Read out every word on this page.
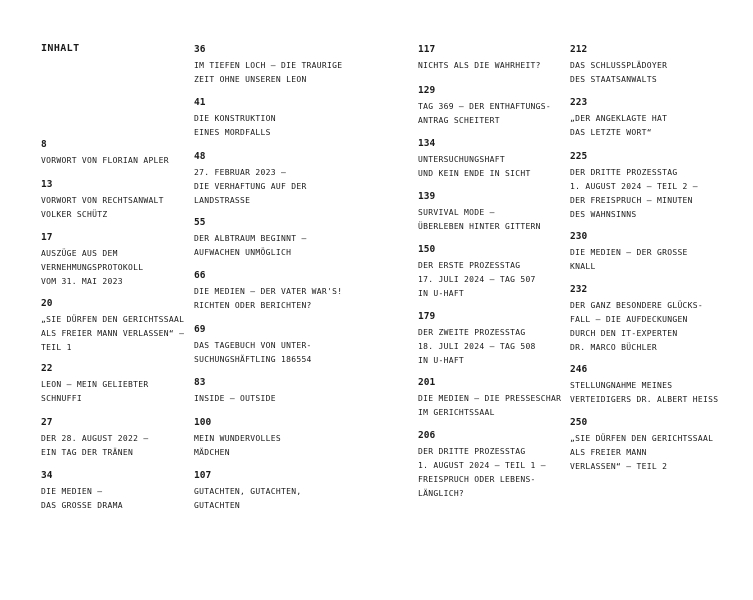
INHALT
8
VORWORT VON FLORIAN APLER
13
VORWORT VON RECHTSANWALT
VOLKER SCHÜTZ
17
AUSZÜGE AUS DEM
VERNEHMUNGSPROTOKOLL
VOM 31. MAI 2023
20
„SIE DÜRFEN DEN GERICHTSSAAL
ALS FREIER MANN VERLASSEN“ –
TEIL 1
22
LEON – MEIN GELIEBTER
SCHNUFFI
27
DER 28. AUGUST 2022 –
EIN TAG DER TRÄNEN
34
DIE MEDIEN –
DAS GROSSE DRAMA
36
IM TIEFEN LOCH – DIE TRAURIGE
ZEIT OHNE UNSEREN LEON
41
DIE KONSTRUKTION
EINES MORDFALLS
48
27. FEBRUAR 2023 –
DIE VERHAFTUNG AUF DER
LANDSTRASSE
55
DER ALBTRAUM BEGINNT –
AUFWACHEN UNMÖGLICH
66
DIE MEDIEN – DER VATER WAR'S!
RICHTEN ODER BERICHTEN?
69
DAS TAGEBUCH VON UNTER-
SUCHUNGSHÄFTLING 186554
83
INSIDE – OUTSIDE
100
MEIN WUNDERVOLLES
MÄDCHEN
107
GUTACHTEN, GUTACHTEN,
GUTACHTEN
117
NICHTS ALS DIE WAHRHEIT?
129
TAG 369 – DER ENTHAFTUNGS-
ANTRAG SCHEITERT
134
UNTERSUCHUNGSHAFT
UND KEIN ENDE IN SICHT
139
SURVIVAL MODE –
ÜBERLEBEN HINTER GITTERN
150
DER ERSTE PROZESSTAG
17. JULI 2024 – TAG 507
IN U-HAFT
179
DER ZWEITE PROZESSTAG
18. JULI 2024 – TAG 508
IN U-HAFT
201
DIE MEDIEN – DIE PRESSESCHAR
IM GERICHTSSAAL
206
DER DRITTE PROZESSTAG
1. AUGUST 2024 – TEIL 1 –
FREISPRUCH ODER LEBENS-
LÄNGLICH?
212
DAS SCHLUSSPLÄDOYER
DES STAATSANWALTS
223
„DER ANGEKLAGTE HAT
DAS LETZTE WORT“
225
DER DRITTE PROZESSTAG
1. AUGUST 2024 – TEIL 2 –
DER FREISPRUCH – MINUTEN
DES WAHNSINNS
230
DIE MEDIEN – DER GROSSE
KNALL
232
DER GANZ BESONDERE GLÜCKS-
FALL – DIE AUFDECKUNGEN
DURCH DEN IT-EXPERTEN
DR. MARCO BÜCHLER
246
STELLUNGNAHME MEINES
VERTEIDIGERS DR. ALBERT HEISS
250
„SIE DÜRFEN DEN GERICHTSSAAL
ALS FREIER MANN
VERLASSEN“ – TEIL 2
